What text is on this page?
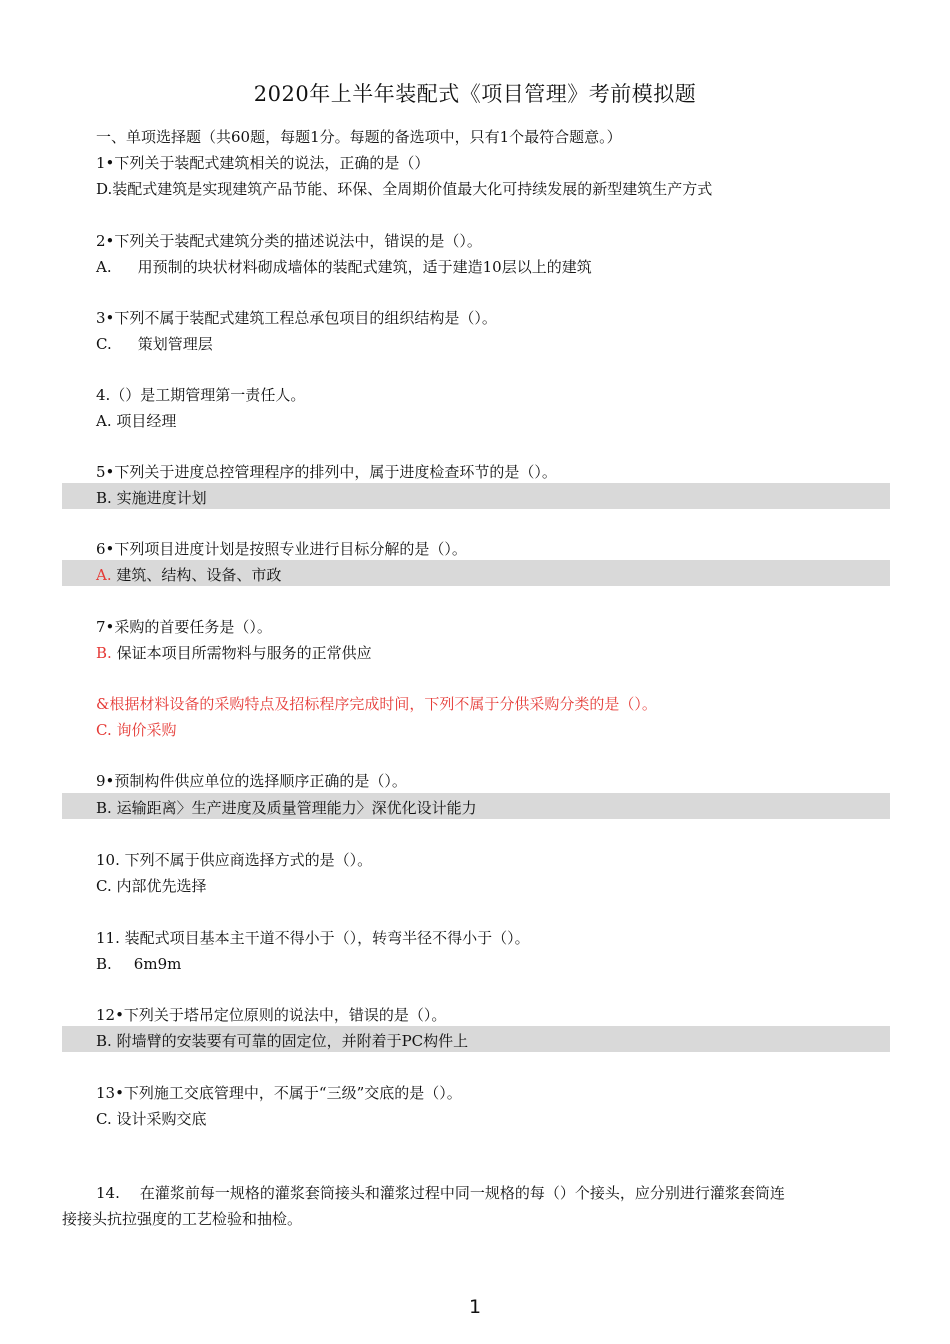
2020年上半年装配式《项目管理》考前模拟题
一、单项选择题（共60题，每题1分。每题的备选项中，只有1个最符合题意。）
1•下列关于装配式建筑相关的说法，正确的是（）
D.装配式建筑是实现建筑产品节能、环保、全周期价值最大化可持续发展的新型建筑生产方式
2•下列关于装配式建筑分类的描述说法中，错误的是（）。
A. 用预制的块状材料砌成墙体的装配式建筑，适于建造10层以上的建筑
3•下列不属于装配式建筑工程总承包项目的组织结构是（）。
C. 策划管理层
4.（）是工期管理第一责任人。
A. 项目经理
5•下列关于进度总控管理程序的排列中，属于进度检查环节的是（）。
B. 实施进度计划
6•下列项目进度计划是按照专业进行目标分解的是（）。
A. 建筑、结构、设备、市政
7•采购的首要任务是（）。
B. 保证本项目所需物料与服务的正常供应
&根据材料设备的采购特点及招标程序完成时间，下列不属于分供采购分类的是（）。
C. 询价采购
9•预制构件供应单位的选择顺序正确的是（）。
B. 运输距离〉生产进度及质量管理能力〉深优化设计能力
10. 下列不属于供应商选择方式的是（）。
C. 内部优先选择
11. 装配式项目基本主干道不得小于（），转弯半径不得小于（）。
B. 6m9m
12•下列关于塔吊定位原则的说法中，错误的是（）。
B. 附墙臂的安装要有可靠的固定位，并附着于PC构件上
13•下列施工交底管理中，不属于“三级”交底的是（）。
C. 设计采购交底
14. 在灌浆前每一规格的灌浆套筒接头和灌浆过程中同一规格的每（）个接头，应分别进行灌浆套筒连
接接头抗拉强度的工艺检验和抽检。
1
